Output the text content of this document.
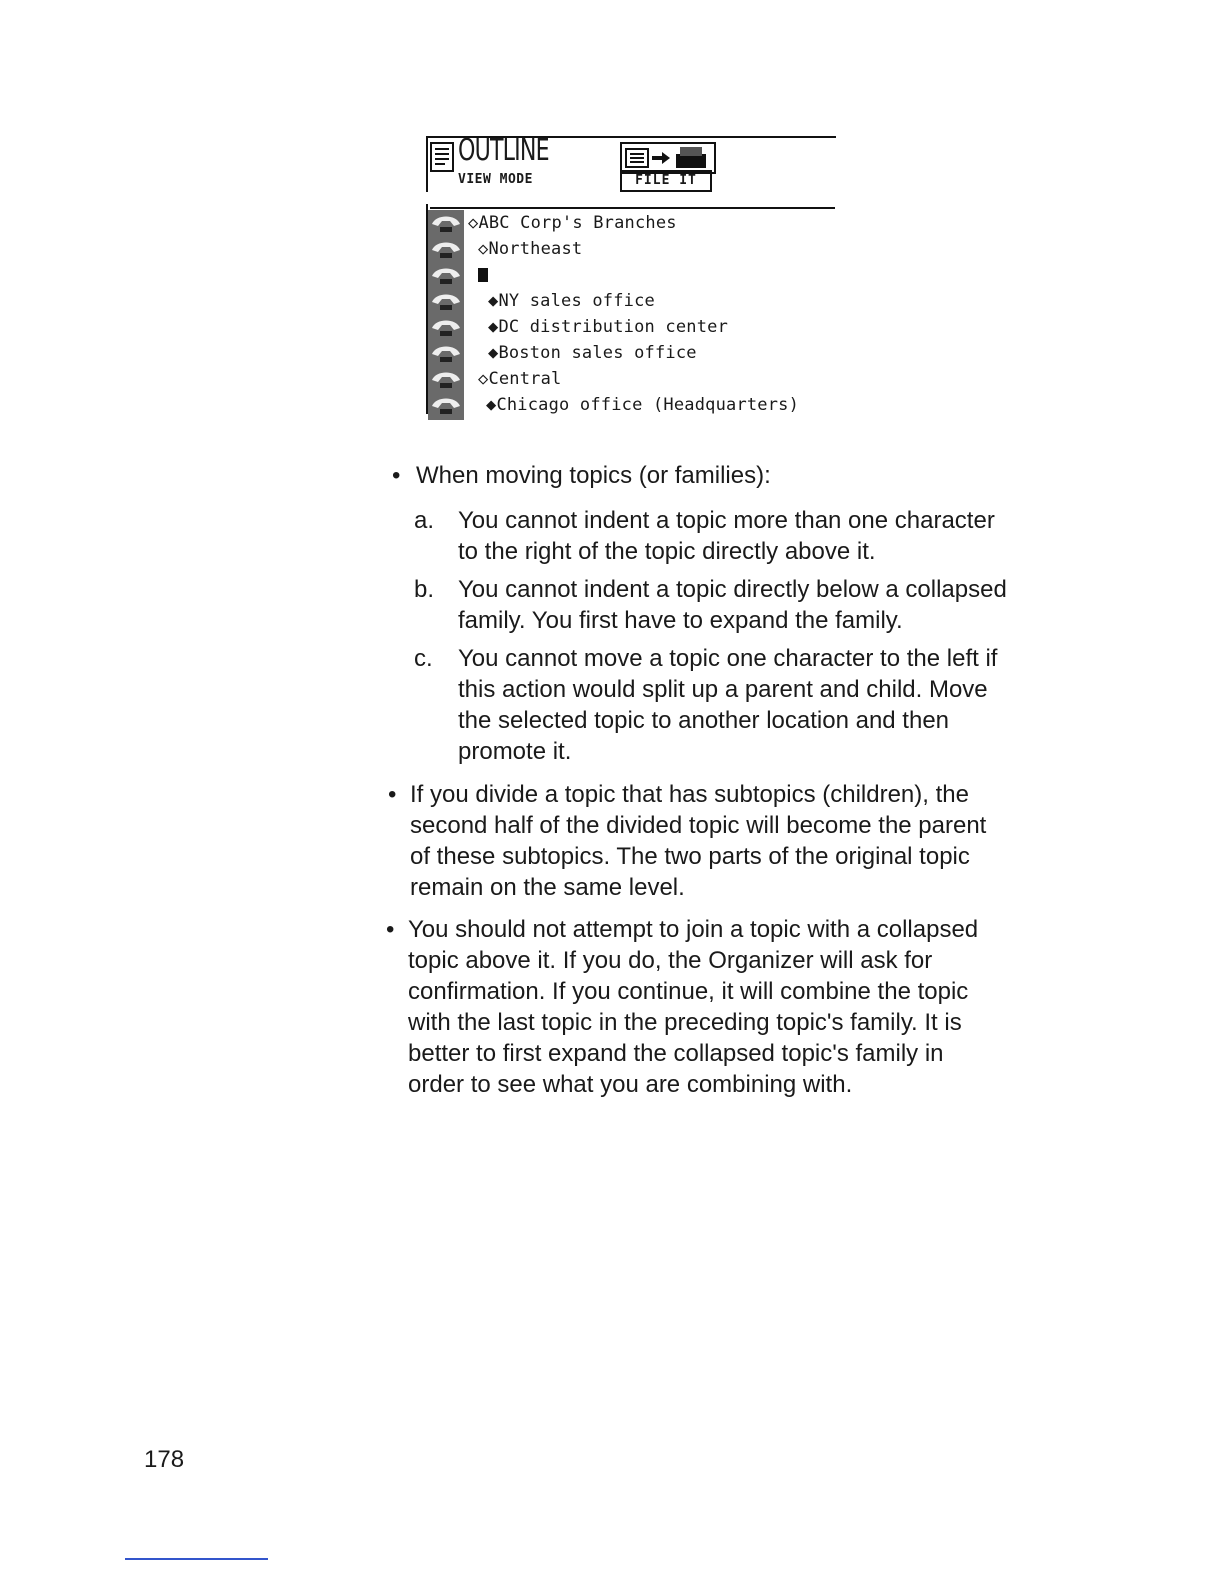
OUTLINE
VIEW MODE	FILE IT
◇ABC Corp's Branches
◇Northeast
◆NY sales office
◆DC distribution center
◆Boston sales office
◇Central
◆Chicago office (Headquarters)
• When moving topics (or families):
a. You cannot indent a topic more than one character
to the right of the topic directly above it.
b. You cannot indent a topic directly below a collapsed
family. You first have to expand the family.
c. You cannot move a topic one character to the left if
this action would split up a parent and child. Move
the selected topic to another location and then
promote it.
• If you divide a topic that has subtopics (children), the
second half of the divided topic will become the parent
of these subtopics. The two parts of the original topic
remain on the same level.
• You should not attempt to join a topic with a collapsed
topic above it. If you do, the Organizer will ask for
confirmation. If you continue, it will combine the topic
with the last topic in the preceding topic's family. It is
better to first expand the collapsed topic's family in
order to see what you are combining with.
178
